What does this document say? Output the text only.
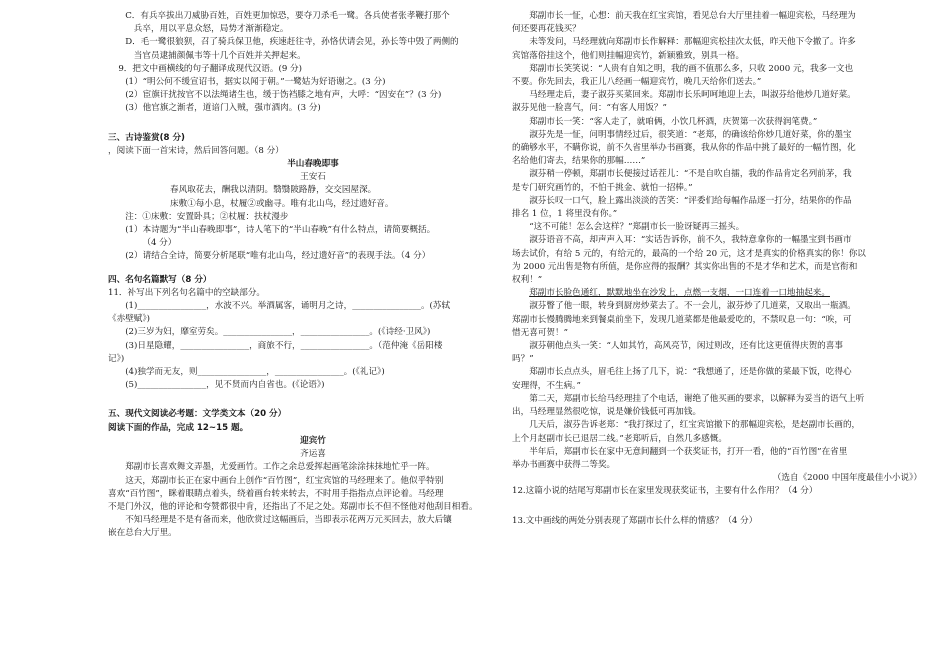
C．有兵卒拔出刀威胁百姓，百姓更加惊恐，要夺刀杀毛一鹭。各兵使者张孝鞭打那个

兵卒，用以平息众怒，局势才渐渐稳定。

D．毛一鹭很狼狈，召了骑兵保卫他，疾速赶往寺，孙恪伏请会见，孙长等中毁了两侧的

当官员逮捕颜佩韦等十几个百姓并关押起来。

9．把文中画横线的句子翻译成现代汉语。(9 分)

(1）“明公何不缓宣诏书，据实以闻于朝。”一鹭姑为好语谢之。(3 分)

(2）宦旗讦扰按官不以法绳诸生也，缓于饬裆膝之地有声，大呼：“因安在”？(3 分)

(3）他官旗之渐者，道谙门入贼，强市酒肉。(3 分)

三、古诗鉴赏(8 分)

，阅读下面一首宋诗，然后回答问题。（8 分）

半山春晚即事

王安石

春风取花去，酬我以清阴。翳翳陂路静，交交园屋深。

床敷①每小息，杖履②或幽寻。唯有北山鸟，经过遗好音。

注：①床敷：安置卧具；②杖履：扶杖漫步

(1）本诗题为“半山春晚即事”，诗人笔下的“半山春晚”有什么特点，请简要概括。

（4 分）

(2）请结合全诗，简要分析尾联“唯有北山鸟，经过遗好音”的表现手法。（4 分）

四、名句名篇默写（8 分）

11．补写出下列名句名篇中的空缺部分。

(1)________________，水波不兴。举酒属客，诵明月之诗，________________。(苏轼

《赤壁赋》)

(2)三岁为妇，靡室劳矣。________________，________________。(《诗经·卫风》)

(3)日星隐耀，________________，商旅不行，________________。（范仲淹《岳阳楼

记》)

(4)独学而无友，则________________，________________。(《礼记》)

(5)________________，见不贤而内自省也。(《论语》)

五、现代文阅读必考题：文学类文本（20 分）

阅读下面的作品，完成 12~15 题。

迎宾竹

齐运喜

郑副市长喜欢舞文弄墨，尤爱画竹。工作之余总爱挥起画笔涂涂抹抹地忙乎一阵。

这天，郑副市长正在家中画台上创作“百竹图”，红宝宾馆的马经理来了。他似乎特别

喜欢“百竹图”，眯着眼睛点着头，绕着画台转来转去，不时用手指指点点评论着。马经理

不是门外汉，他的评论和夸赞都很中肯，还指出了不足之处。郑副市长不但不怪他对他刮目相看。

不知马经理是不是有备而来，他欣赏过这幅画后，当即表示花两万元买回去，放大后镶

嵌在总台大厅里。

郑副市长一怔，心想：前天我在红宝宾馆，看见总台大厅里挂着一幅迎宾松，马经理为

何还要再花钱买？

未等发问，马经理就向郑副市长作解释：那幅迎宾松挂次太低，昨天他下令撤了。许多

宾馆落俗挂这个，他们则挂幅迎宾竹，新颖雅致，别具一格。

郑副市长笑笑说：“人贵有自知之明，我的画不值那么多，只收 2000 元，我多一文也

不要。你先回去，我正儿八经画一幅迎宾竹，晚几天给你们送去。”

马经理走后，妻子淑芬买菜回来。郑副市长乐呵呵地迎上去，叫淑芬给他炒几道好菜。

淑芬见他一脸喜气，问：“有客人用饭？”

郑副市长一笑：“客人走了，就咱俩，小饮几杯酒，庆贺第一次获得润笔费。”

淑芬先是一怔，问明事情经过后，很笑道：“老郑，的确该给你炒几道好菜，你的墨宝

的确够水平，不瞒你说，前不久省里举办书画赛，我从你的作品中挑了最好的一幅竹图，化

名给他们寄去，结果你的那幅……”

淑芬稍一停顿，郑副市长便接过话茬儿：“不是自吹自擂，我的作品肯定名列前茅，我

是专门研究画竹的，不怕千挑金、就怕一招棒。”

淑芬长叹一口气，脸上露出淡淡的苦笑：“评委们给每幅作品逐一打分，结果你的作品

排名 1 位，1 将里没有你。”

“这不可能！怎么会这样？”郑副市长一脸讶疑再三摇头。

淑芬语音不高，却声声入耳：“实话告诉你，前不久，我特意拿你的一幅墨宝到书画市

场去试价，有给 5 元的，有给元的，最高的一个给 20 元，这才是真实的价格真实的你！你以

为 2000 元出售是物有所值，是你应得的报酬？其实你出售的不是才华和艺术，而是官衔和

权利！”

郑副市长脸色通红，默默地坐在沙发上，点燃一支烟，一口连着一口地抽起来。

淑芬瞥了他一眼，转身到厨房炒菜去了。不一会儿，淑芬炒了几道菜，又取出一瓶酒。

郑副市长慢腾腾地来到餐桌前坐下，发现几道菜都是他最爱吃的，不禁叹息一句：“唉，可

惜无喜可贺！”

淑芬朝他点头一笑：“人如其竹，高风亮节，闲过则改，还有比这更值得庆贺的喜事

吗？”

郑副市长点点头，眉毛往上扬了几下，说：“我想通了，还是你做的菜最下饭，吃得心

安理得，不生病。”

第二天，郑副市长给马经理挂了个电话，谢绝了他买画的要求，以解释为妥当的语气上听

出，马经理显然很吃惊，说是嫌价钱低可再加钱。

几天后，淑芬告诉老郑：“我打探过了，红宝宾馆撤下的那幅迎宾松，是赵副市长画的，

上个月赵副市长已退居二线。”老郑听后，自然几多感慨。

半年后，郑副市长在家中无意间翻到一个获奖证书，打开一看，他的“百竹图”在省里

举办书画赛中获得二等奖。

（选自《2000 中国年度最佳小小说》）

12.这篇小说的结尾写郑副市长在家里发现获奖证书，主要有什么作用？（4 分）

13.文中画线的两处分别表现了郑副市长什么样的情感？（4 分）
